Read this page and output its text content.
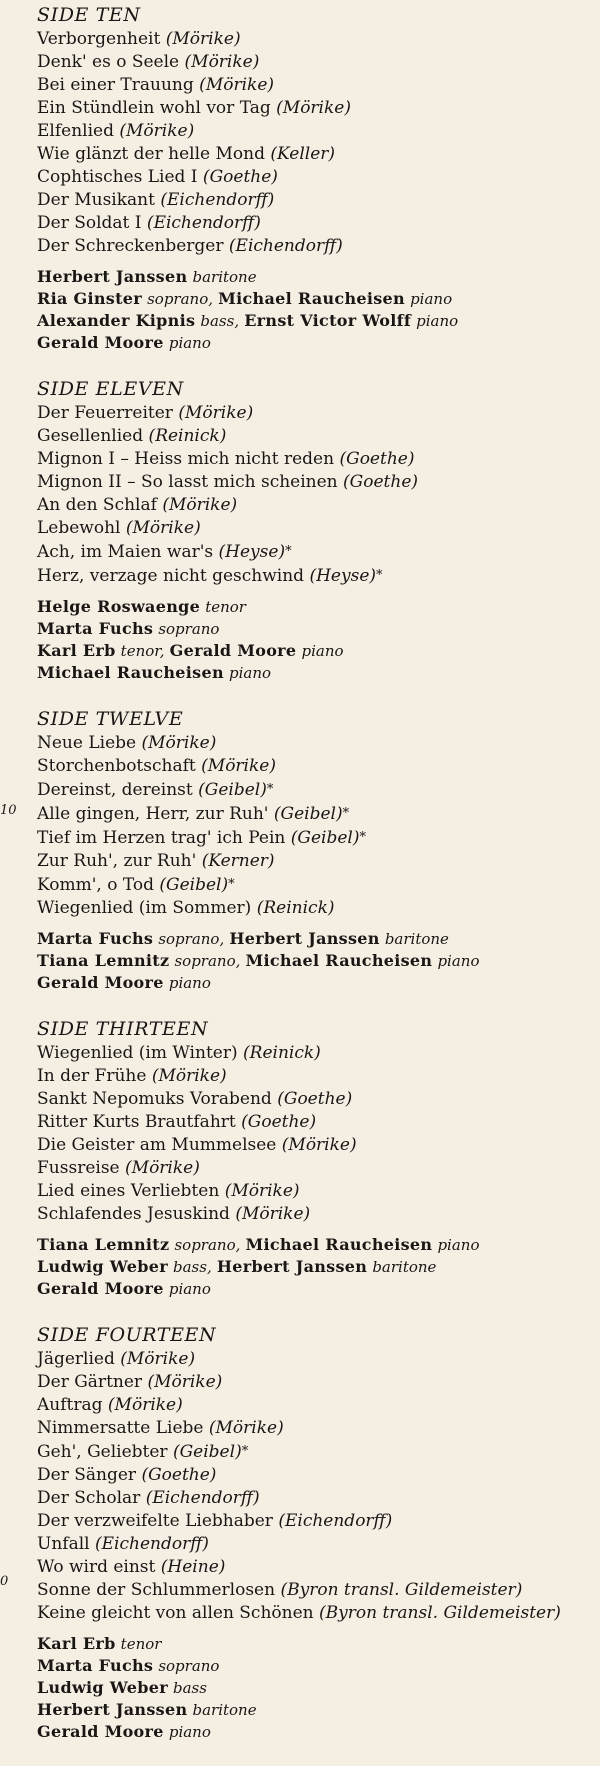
SIDE TEN
Verborgenheit (Mörike)
Denk' es o Seele (Mörike)
Bei einer Trauung (Mörike)
Ein Stündlein wohl vor Tag (Mörike)
Elfenlied (Mörike)
Wie glänzt der helle Mond (Keller)
Cophtisches Lied I (Goethe)
Der Musikant (Eichendorff)
Der Soldat I (Eichendorff)
Der Schreckenberger (Eichendorff)
Herbert Janssen baritone
Ria Ginster soprano, Michael Raucheisen piano
Alexander Kipnis bass, Ernst Victor Wolff piano
Gerald Moore piano
SIDE ELEVEN
Der Feuerreiter (Mörike)
Gesellenlied (Reinick)
Mignon I – Heiss mich nicht reden (Goethe)
Mignon II – So lasst mich scheinen (Goethe)
An den Schlaf (Mörike)
Lebewohl (Mörike)
Ach, im Maien war's (Heyse)*
Herz, verzage nicht geschwind (Heyse)*
Helge Roswaenge tenor
Marta Fuchs soprano
Karl Erb tenor, Gerald Moore piano
Michael Raucheisen piano
SIDE TWELVE
Neue Liebe (Mörike)
Storchenbotschaft (Mörike)
Dereinst, dereinst (Geibel)*
Alle gingen, Herr, zur Ruh' (Geibel)*
Tief im Herzen trag' ich Pein (Geibel)*
Zur Ruh', zur Ruh' (Kerner)
Komm', o Tod (Geibel)*
Wiegenlied (im Sommer) (Reinick)
Marta Fuchs soprano, Herbert Janssen baritone
Tiana Lemnitz soprano, Michael Raucheisen piano
Gerald Moore piano
SIDE THIRTEEN
Wiegenlied (im Winter) (Reinick)
In der Frühe (Mörike)
Sankt Nepomuks Vorabend (Goethe)
Ritter Kurts Brautfahrt (Goethe)
Die Geister am Mummelsee (Mörike)
Fussreise (Mörike)
Lied eines Verliebten (Mörike)
Schlafendes Jesuskind (Mörike)
Tiana Lemnitz soprano, Michael Raucheisen piano
Ludwig Weber bass, Herbert Janssen baritone
Gerald Moore piano
SIDE FOURTEEN
Jägerlied (Mörike)
Der Gärtner (Mörike)
Auftrag (Mörike)
Nimmersatte Liebe (Mörike)
Geh', Geliebter (Geibel)*
Der Sänger (Goethe)
Der Scholar (Eichendorff)
Der verzweifelte Liebhaber (Eichendorff)
Unfall (Eichendorff)
Wo wird einst (Heine)
Sonne der Schlummerlosen (Byron transl. Gildemeister)
Keine gleicht von allen Schönen (Byron transl. Gildemeister)
Karl Erb tenor
Marta Fuchs soprano
Ludwig Weber bass
Herbert Janssen baritone
Gerald Moore piano
10
0
